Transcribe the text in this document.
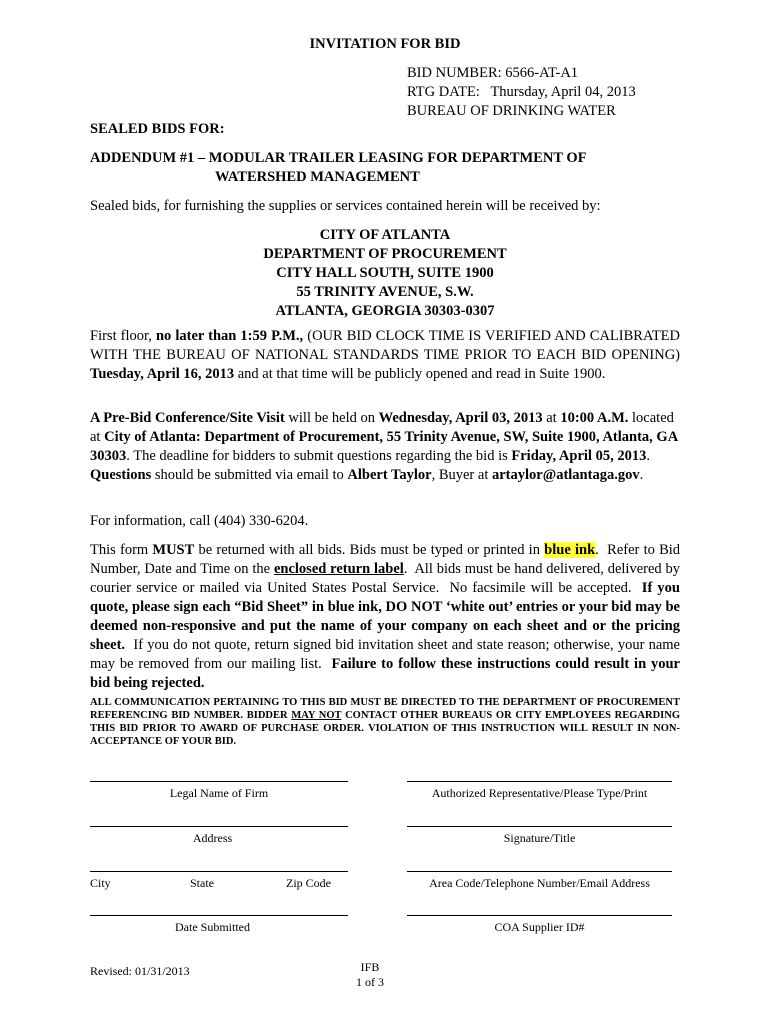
INVITATION FOR BID
BID NUMBER: 6566-AT-A1
RTG DATE:   Thursday, April 04, 2013
BUREAU OF DRINKING WATER
SEALED BIDS FOR:
ADDENDUM #1 – MODULAR TRAILER LEASING FOR DEPARTMENT OF
WATERSHED MANAGEMENT
Sealed bids, for furnishing the supplies or services contained herein will be received by:
CITY OF ATLANTA
DEPARTMENT OF PROCUREMENT
CITY HALL SOUTH, SUITE 1900
55 TRINITY AVENUE, S.W.
ATLANTA, GEORGIA 30303-0307
First floor, no later than 1:59 P.M., (OUR BID CLOCK TIME IS VERIFIED AND CALIBRATED WITH THE BUREAU OF NATIONAL STANDARDS TIME PRIOR TO EACH BID OPENING) Tuesday, April 16, 2013 and at that time will be publicly opened and read in Suite 1900.
A Pre-Bid Conference/Site Visit will be held on Wednesday, April 03, 2013 at 10:00 A.M. located at City of Atlanta: Department of Procurement, 55 Trinity Avenue, SW, Suite 1900, Atlanta, GA 30303. The deadline for bidders to submit questions regarding the bid is Friday, April 05, 2013.  Questions should be submitted via email to Albert Taylor, Buyer at artaylor@atlantaga.gov.
For information, call (404) 330-6204.
This form MUST be returned with all bids. Bids must be typed or printed in blue ink.  Refer to Bid Number, Date and Time on the enclosed return label.  All bids must be hand delivered, delivered by courier service or mailed via United States Postal Service.  No facsimile will be accepted.  If you quote, please sign each “Bid Sheet” in blue ink, DO NOT ‘white out’ entries or your bid may be deemed non-responsive and put the name of your company on each sheet and or the pricing sheet.  If you do not quote, return signed bid invitation sheet and state reason; otherwise, your name may be removed from our mailing list.  Failure to follow these instructions could result in your bid being rejected.
ALL COMMUNICATION PERTAINING TO THIS BID MUST BE DIRECTED TO THE DEPARTMENT OF PROCUREMENT REFERENCING BID NUMBER. BIDDER MAY NOT CONTACT OTHER BUREAUS OR CITY EMPLOYEES REGARDING THIS BID PRIOR TO AWARD OF PURCHASE ORDER. VIOLATION OF THIS INSTRUCTION WILL RESULT IN NON-ACCEPTANCE OF YOUR BID.
Legal Name of Firm	Authorized Representative/Please Type/Print
Address	Signature/Title
City	State	Zip Code	Area Code/Telephone Number/Email Address
Date Submitted	COA Supplier ID#
Revised: 01/31/2013	IFB
1 of 3
